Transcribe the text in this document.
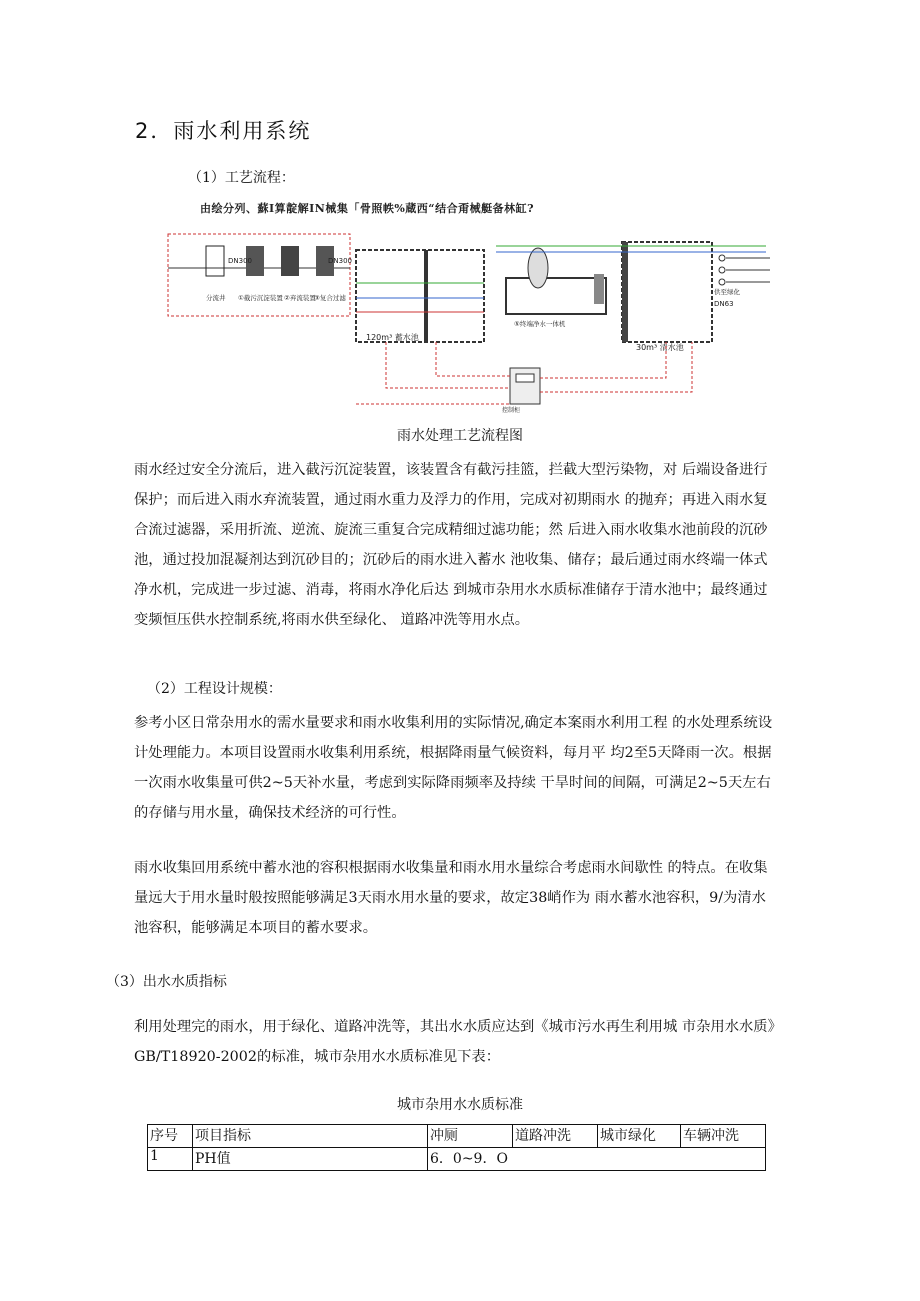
2．雨水利用系统
（1）工艺流程：
由绘分列、蘇I算靛解IN械集「骨照帙%蔵西“结合甭械艇备林缸?
DN300	DN300
分流井 ①截污沉淀装置 ②弃流装置
③复合过滤
120m³ 蓄水池
⑤终端净水一体机
30m³ 清水池
DN63
供至绿化
控制柜
雨水处理工艺流程图
雨水经过安全分流后，进入截污沉淀装置，该装置含有截污挂篮，拦截大型污染物，对 后端设备进行保护；而后进入雨水弃流装置，通过雨水重力及浮力的作用，完成对初期雨水 的抛弃；再进入雨水复合流过滤器，采用折流、逆流、旋流三重复合完成精细过滤功能；然 后进入雨水收集水池前段的沉砂池，通过投加混凝剂达到沉砂目的；沉砂后的雨水进入蓄水 池收集、储存；最后通过雨水终端一体式净水机，完成进一步过滤、消毒，将雨水净化后达 到城市杂用水水质标准储存于清水池中；最终通过变频恒压供水控制系统,将雨水供至绿化、 道路冲洗等用水点。
（2）工程设计规模：
参考小区日常杂用水的需水量要求和雨水收集利用的实际情况,确定本案雨水利用工程 的水处理系统设计处理能力。本项目设置雨水收集利用系统，根据降雨量气候资料，每月平 均2至5天降雨一次。根据一次雨水收集量可供2~5天补水量，考虑到实际降雨频率及持续 干旱时间的间隔，可满足2~5天左右的存储与用水量，确保技术经济的可行性。
雨水收集回用系统中蓄水池的容积根据雨水收集量和雨水用水量综合考虑雨水间歇性 的特点。在收集量远大于用水量时般按照能够满足3天雨水用水量的要求，故定38峭作为 雨水蓄水池容积，9/为清水池容积，能够满足本项目的蓄水要求。
（3）出水水质指标
利用处理完的雨水，用于绿化、道路冲洗等，其出水水质应达到《城市污水再生利用城 市杂用水水质》GB/T18920-2002的标准，城市杂用水水质标准见下表：
城市杂用水水质标准
序号	项目指标	冲厕	道路冲洗	城市绿化	车辆冲洗
1	PH值	6．0~9．O			
